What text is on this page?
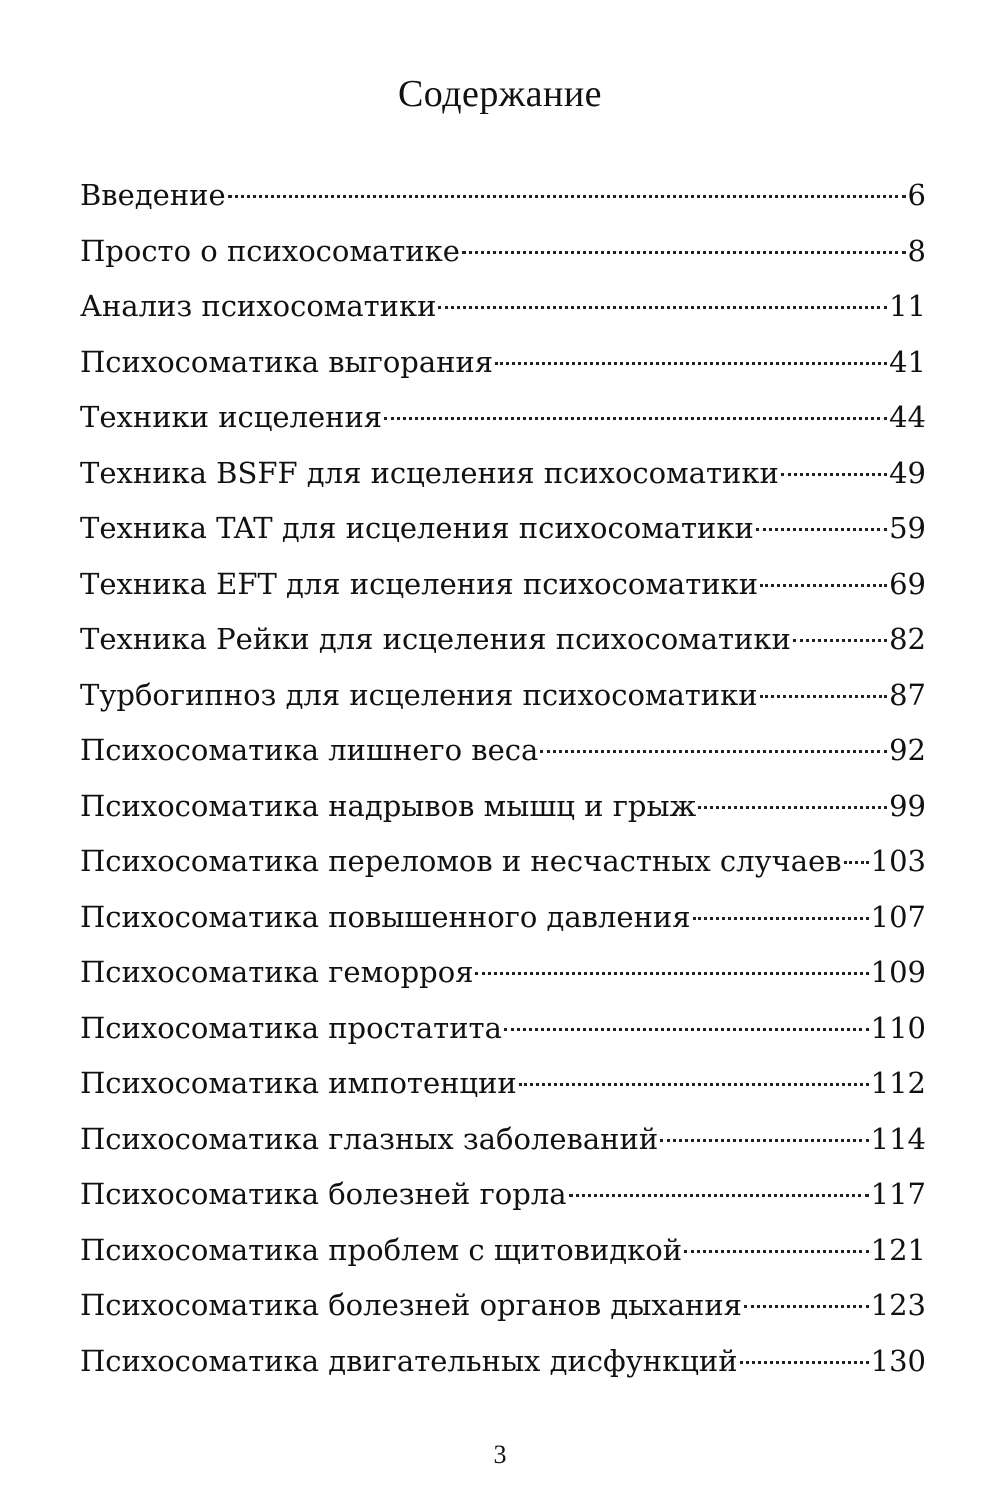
Содержание
Введение	6
Просто о психосоматике	8
Анализ психосоматики	11
Психосоматика выгорания	41
Техники исцеления	44
Техника BSFF для исцеления психосоматики	49
Техника TAT для исцеления психосоматики	59
Техника EFT для исцеления психосоматики	69
Техника Рейки для исцеления психосоматики	82
Турбогипноз для исцеления психосоматики	87
Психосоматика лишнего веса	92
Психосоматика надрывов мышц и грыж	99
Психосоматика переломов и несчастных случаев 103
Психосоматика повышенного давления	107
Психосоматика геморроя	109
Психосоматика простатита	110
Психосоматика импотенции	112
Психосоматика глазных заболеваний	114
Психосоматика болезней горла	117
Психосоматика проблем с щитовидкой	121
Психосоматика болезней органов дыхания	123
Психосоматика двигательных дисфункций	130
3
